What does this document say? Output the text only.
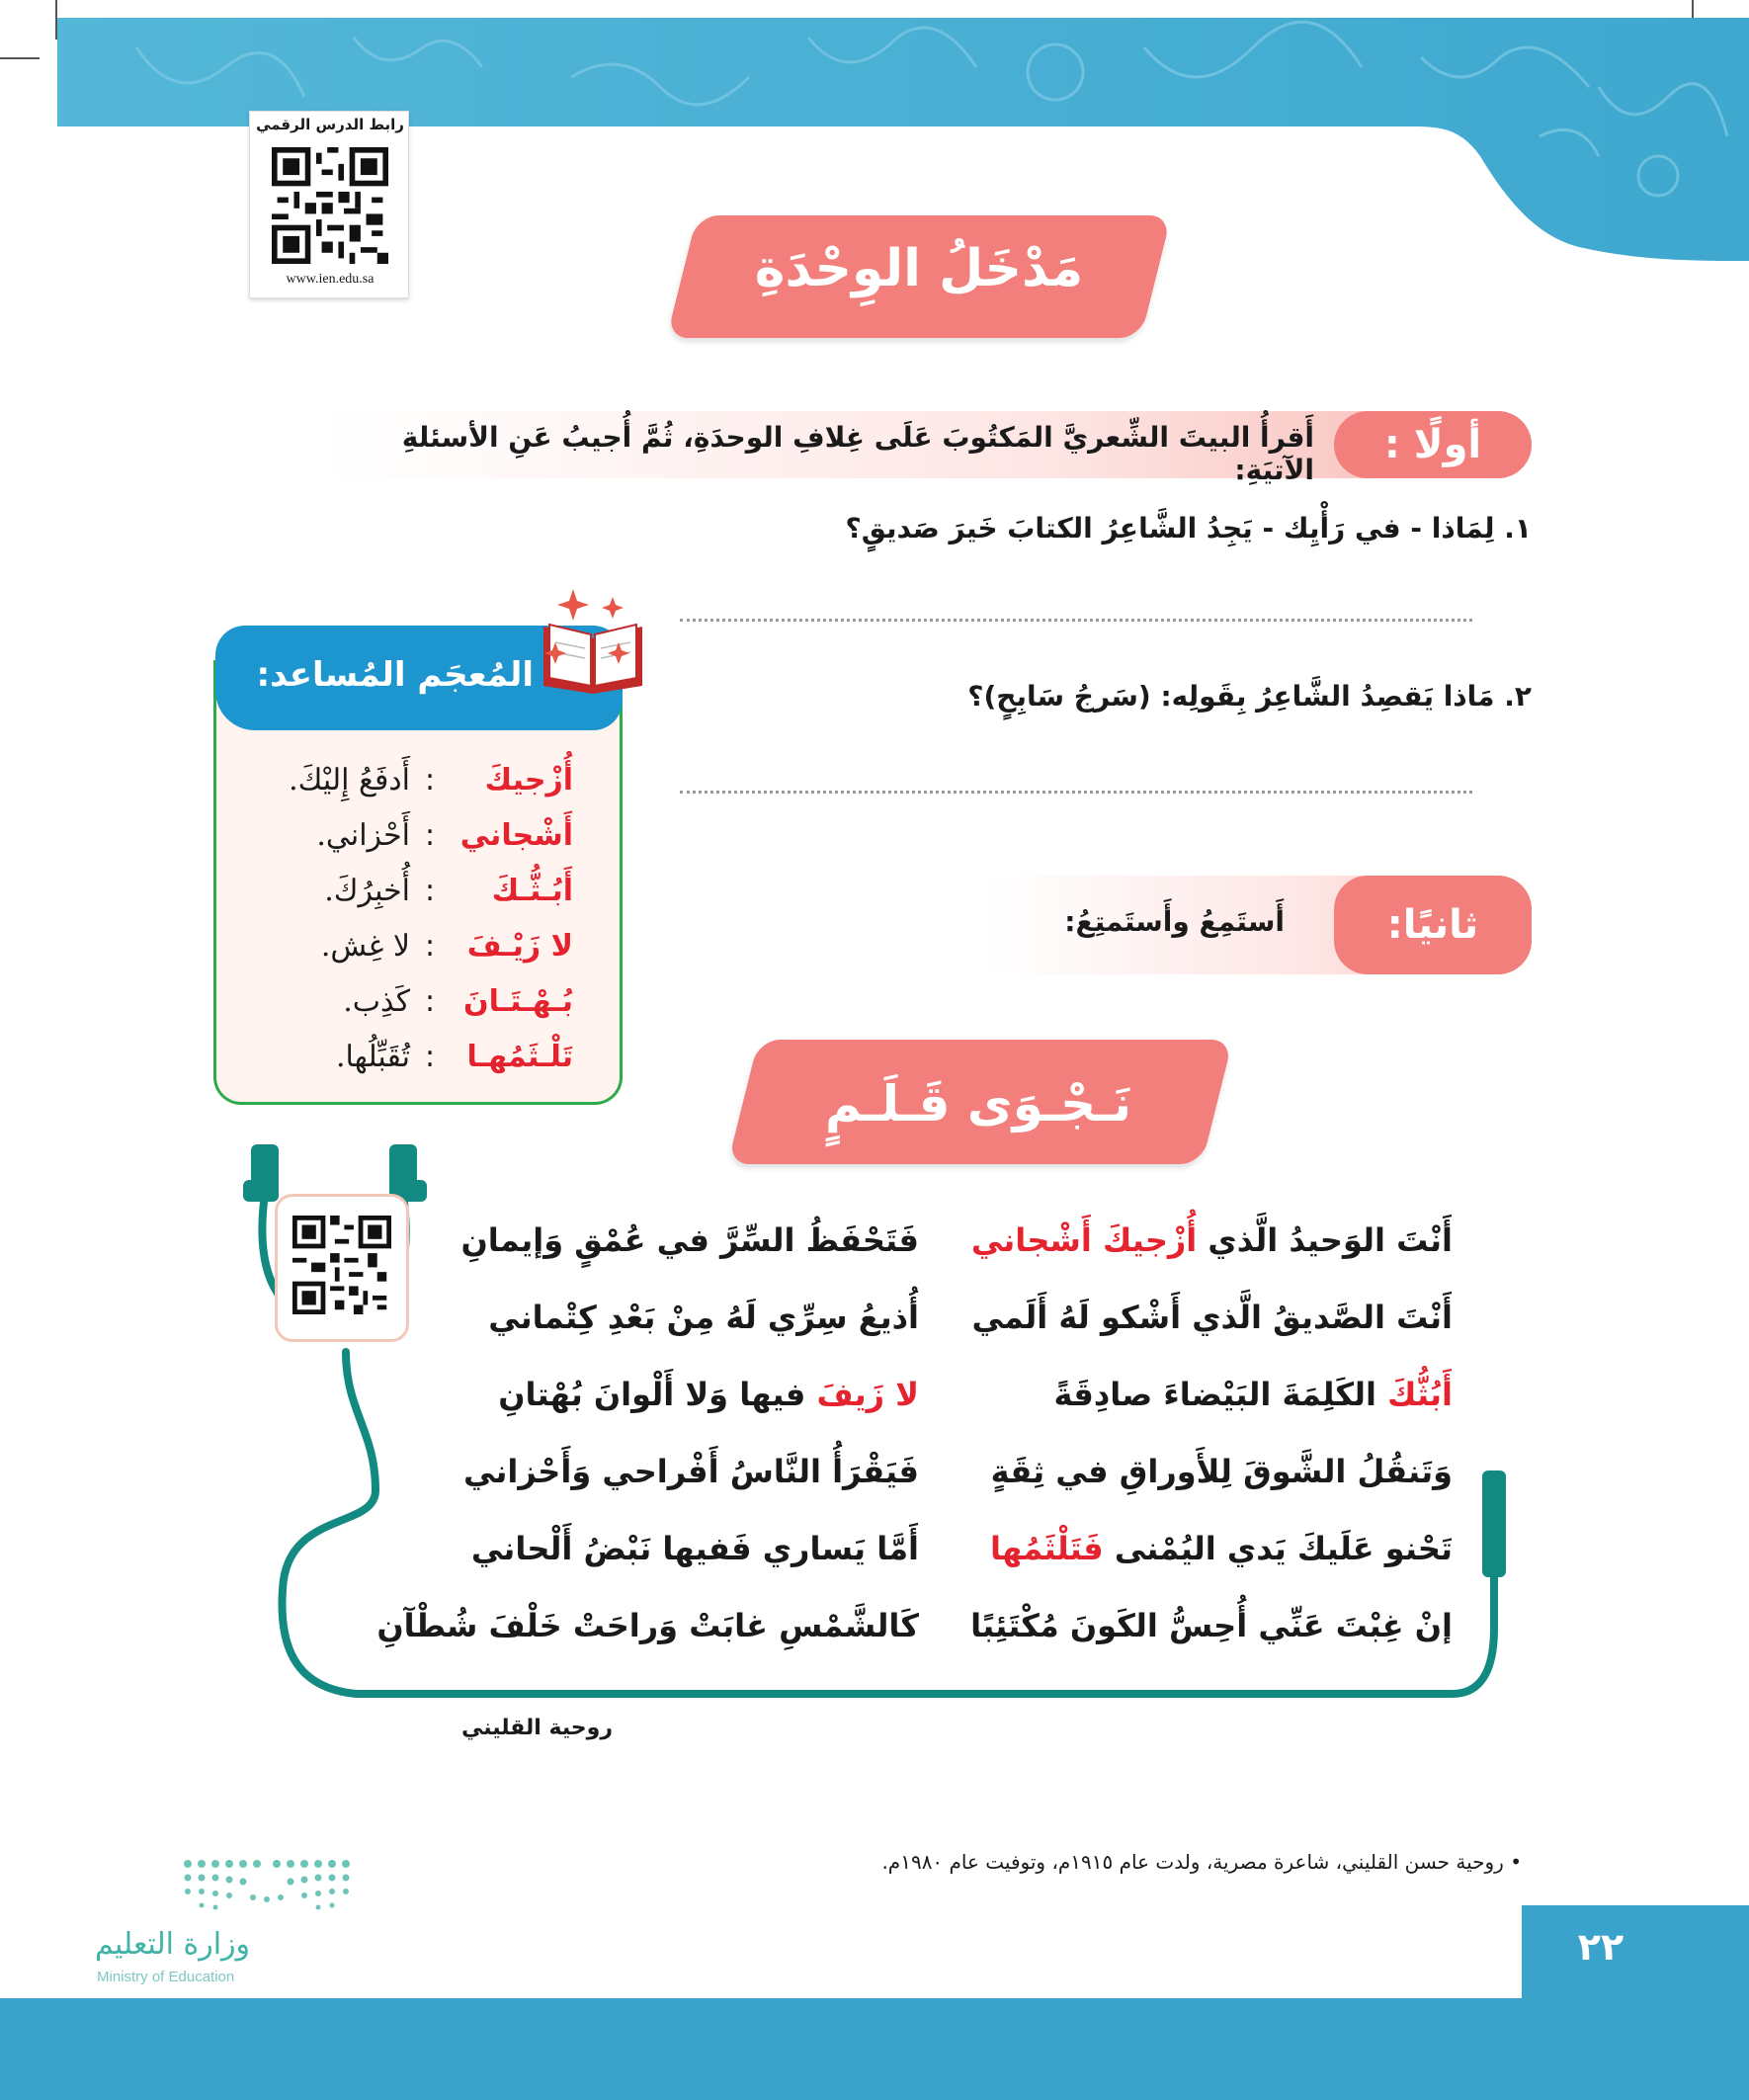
رابط الدرس الرقمي
www.ien.edu.sa	مَدْخَلُ الوِحْدَةِ
أولًا :
أَقرأُ البيتَ الشِّعريَّ المَكتُوبَ عَلَى غِلافِ الوحدَةِ، ثُمَّ أُجيبُ عَنِ الأسئلةِ الآتيَةِ:
١. لِمَاذا - في رَأْيِك - يَجِدُ الشَّاعِرُ الكتابَ خَيرَ صَديقٍ؟
٢. مَاذا يَقصِدُ الشَّاعِرُ بِقَولِه: (سَرجُ سَابِحٍ)؟
ثانيًا:
أَستَمِعُ وأَستَمتِعُ:
المُعجَم المُساعد:
أُزْجيكَ
:
أَدفَعُ إِليْكَ.
أَشْجاني
:
أَحْزاني.
أَبُـثُّـكَ
:
أُخبِرُكَ.
لا زَيْـفَ
:
لا غِش.
بُـهْـتَـانَ
:
كَذِب.
تَلْـثَمُهـا
:
تُقَبِّلُها.
نَـجْـوَى قَـلَـمٍ
أَنْتَ الوَحيدُ الَّذي أُزْجيكَ أَشْجاني
فَتَحْفَظُ السِّرَّ في عُمْقٍ وَإيمانِ
أَنْتَ الصَّديقُ الَّذي أَشْكو لَهُ أَلَمي
أُذيعُ سِرِّي لَهُ مِنْ بَعْدِ كِتْماني
أَبُثُّكَ الكَلِمَةَ البَيْضاءَ صادِقَةً
لا زَيفَ فيها وَلا أَلْوانَ بُهْتانِ
وَتَنقُلُ الشَّوقَ لِلأَوراقِ في ثِقَةٍ
فَيَقْرَأُ النَّاسُ أَفْراحي وَأَحْزاني
تَحْنو عَلَيكَ يَدي اليُمْنى فَتَلْثَمُها
أَمَّا يَساري فَفيها نَبْضُ أَلْحاني
إنْ غِبْتَ عَنِّي أُحِسُّ الكَونَ مُكْتَئِبًا
كَالشَّمْسِ غابَتْ وَراحَتْ خَلْفَ شُطْآنِ
روحية القليني
• روحية حسن القليني، شاعرة مصرية، ولدت عام ١٩١٥م، وتوفيت عام ١٩٨٠م.
وزارة التعليم
Ministry of Education
٢٢
